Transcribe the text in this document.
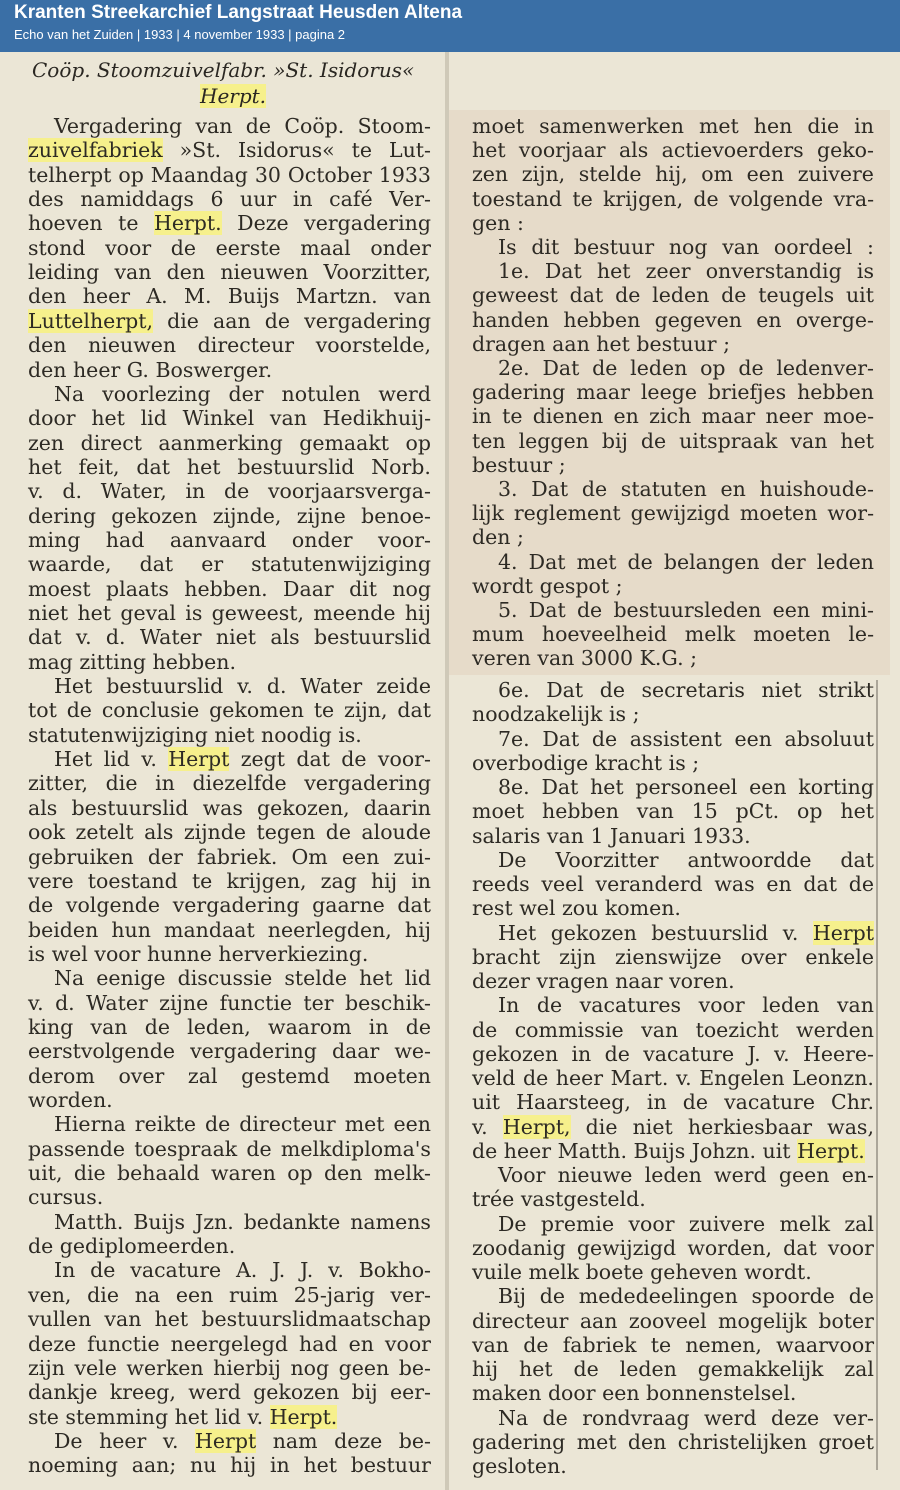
Kranten Streekarchief Langstraat Heusden Altena
Echo van het Zuiden | 1933 | 4 november 1933 | pagina 2
Coöp. Stoomzuivelfabr. »St. Isidorus«
Herpt.
Vergadering van de Coöp. Stoom-
zuivelfabriek »St. Isidorus« te Lut-
telherpt op Maandag 30 October 1933
des namiddags 6 uur in café Ver-
hoeven te Herpt. Deze vergadering
stond voor de eerste maal onder
leiding van den nieuwen Voorzitter,
den heer A. M. Buijs Martzn. van
Luttelherpt, die aan de vergadering
den nieuwen directeur voorstelde,
den heer G. Boswerger.
Na voorlezing der notulen werd
door het lid Winkel van Hedikhuij-
zen direct aanmerking gemaakt op
het feit, dat het bestuurslid Norb.
v. d. Water, in de voorjaarsverga-
dering gekozen zijnde, zijne benoe-
ming had aanvaard onder voor-
waarde, dat er statutenwijziging
moest plaats hebben. Daar dit nog
niet het geval is geweest, meende hij
dat v. d. Water niet als bestuurslid
mag zitting hebben.
Het bestuurslid v. d. Water zeide
tot de conclusie gekomen te zijn, dat
statutenwijziging niet noodig is.
Het lid v. Herpt zegt dat de voor-
zitter, die in diezelfde vergadering
als bestuurslid was gekozen, daarin
ook zetelt als zijnde tegen de aloude
gebruiken der fabriek. Om een zui-
vere toestand te krijgen, zag hij in
de volgende vergadering gaarne dat
beiden hun mandaat neerlegden, hij
is wel voor hunne herverkiezing.
Na eenige discussie stelde het lid
v. d. Water zijne functie ter beschik-
king van de leden, waarom in de
eerstvolgende vergadering daar we-
derom over zal gestemd moeten
worden.
Hierna reikte de directeur met een
passende toespraak de melkdiploma's
uit, die behaald waren op den melk-
cursus.
Matth. Buijs Jzn. bedankte namens
de gediplomeerden.
In de vacature A. J. J. v. Bokho-
ven, die na een ruim 25-jarig ver-
vullen van het bestuurslidmaatschap
deze functie neergelegd had en voor
zijn vele werken hierbij nog geen be-
dankje kreeg, werd gekozen bij eer-
ste stemming het lid v. Herpt.
De heer v. Herpt nam deze be-
noeming aan; nu hij in het bestuur
moet samenwerken met hen die in
het voorjaar als actievoerders geko-
zen zijn, stelde hij, om een zuivere
toestand te krijgen, de volgende vra-
gen :
Is dit bestuur nog van oordeel :
1e. Dat het zeer onverstandig is
geweest dat de leden de teugels uit
handen hebben gegeven en overge-
dragen aan het bestuur ;
2e. Dat de leden op de ledenver-
gadering maar leege briefjes hebben
in te dienen en zich maar neer moe-
ten leggen bij de uitspraak van het
bestuur ;
3. Dat de statuten en huishoude-
lijk reglement gewijzigd moeten wor-
den ;
4. Dat met de belangen der leden
wordt gespot ;
5. Dat de bestuursleden een mini-
mum hoeveelheid melk moeten le-
veren van 3000 K.G. ;
6e. Dat de secretaris niet strikt
noodzakelijk is ;
7e. Dat de assistent een absoluut
overbodige kracht is ;
8e. Dat het personeel een korting
moet hebben van 15 pCt. op het
salaris van 1 Januari 1933.
De Voorzitter antwoordde dat
reeds veel veranderd was en dat de
rest wel zou komen.
Het gekozen bestuurslid v. Herpt
bracht zijn zienswijze over enkele
dezer vragen naar voren.
In de vacatures voor leden van
de commissie van toezicht werden
gekozen in de vacature J. v. Heere-
veld de heer Mart. v. Engelen Leonzn.
uit Haarsteeg, in de vacature Chr.
v. Herpt, die niet herkiesbaar was,
de heer Matth. Buijs Johzn. uit Herpt.
Voor nieuwe leden werd geen en-
trée vastgesteld.
De premie voor zuivere melk zal
zoodanig gewijzigd worden, dat voor
vuile melk boete geheven wordt.
Bij de mededeelingen spoorde de
directeur aan zooveel mogelijk boter
van de fabriek te nemen, waarvoor
hij het de leden gemakkelijk zal
maken door een bonnenstelsel.
Na de rondvraag werd deze ver-
gadering met den christelijken groet
gesloten.
